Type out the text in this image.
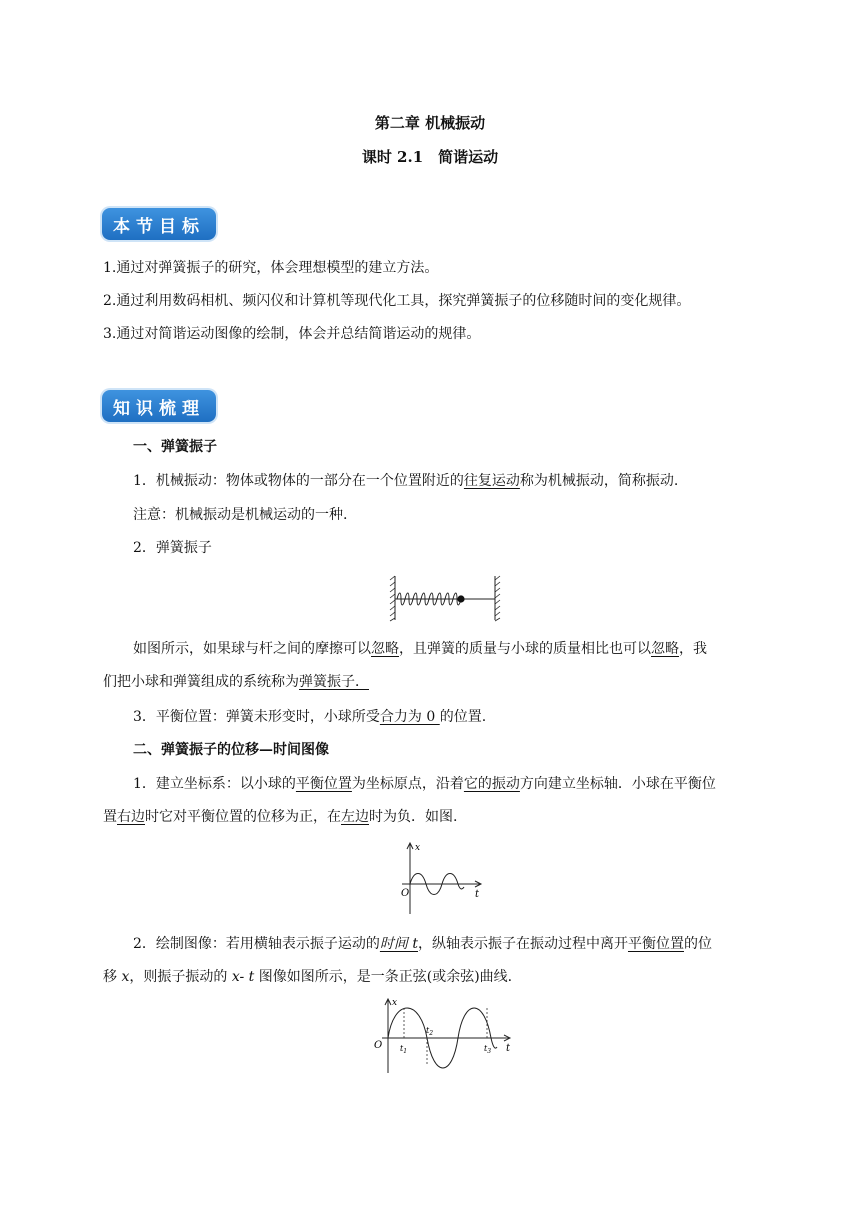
第二章 机械振动
课时 2.1　简谐运动
本节目标
1.通过对弹簧振子的研究，体会理想模型的建立方法。
2.通过利用数码相机、频闪仪和计算机等现代化工具，探究弹簧振子的位移随时间的变化规律。
3.通过对简谐运动图像的绘制，体会并总结简谐运动的规律。
知识梳理
一、弹簧振子
1．机械振动：物体或物体的一部分在一个位置附近的往复运动称为机械振动，简称振动.
注意：机械振动是机械运动的一种.
2．弹簧振子
如图所示，如果球与杆之间的摩擦可以忽略，且弹簧的质量与小球的质量相比也可以忽略，我
们把小球和弹簧组成的系统称为弹簧振子．
3．平衡位置：弹簧未形变时，小球所受合力为 0 的位置.
二、弹簧振子的位移—时间图像
1．建立坐标系：以小球的平衡位置为坐标原点，沿着它的振动方向建立坐标轴．小球在平衡位
置右边时它对平衡位置的位移为正，在左边时为负．如图.
x
t
O
2．绘制图像：若用横轴表示振子运动的时间 t，纵轴表示振子在振动过程中离开平衡位置的位
移 x，则振子振动的 x- t 图像如图所示，是一条正弦(或余弦)曲线.
x
t
O $t_1$
$t_2$
$t_3$
